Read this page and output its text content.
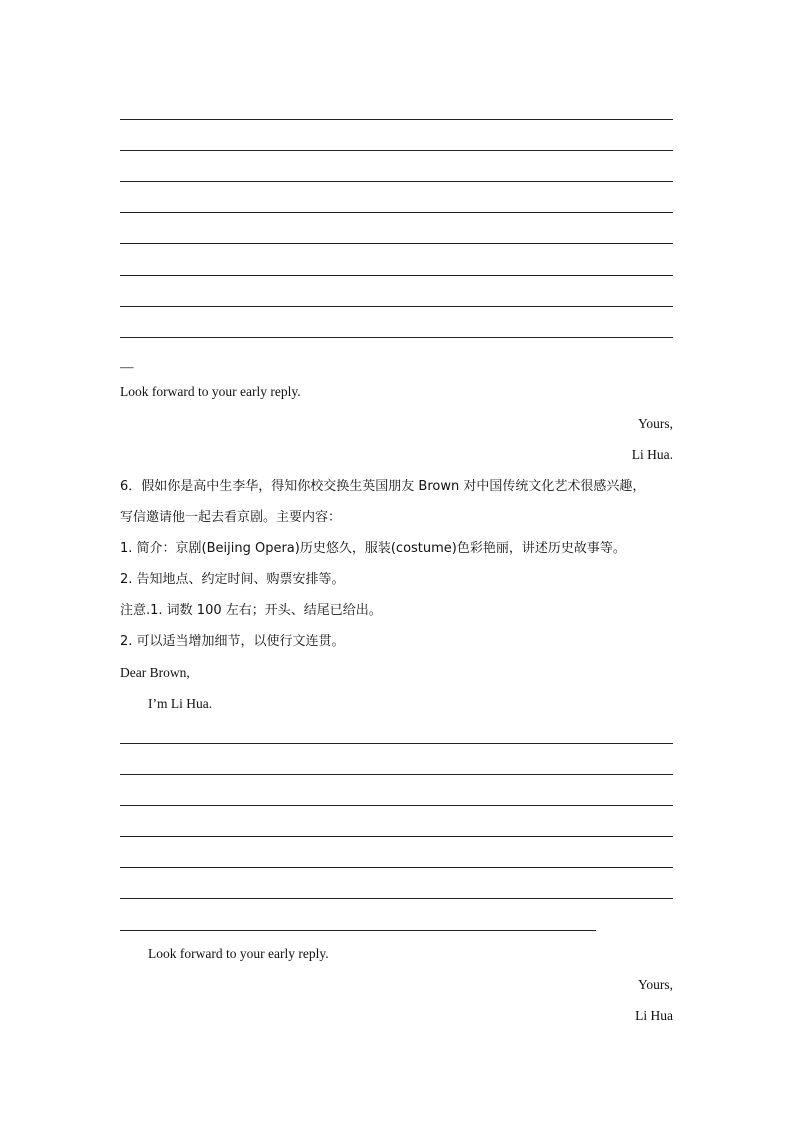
—
Look forward to your early reply.
Yours,
Li Hua.
6．假如你是高中生李华，得知你校交换生英国朋友 Brown 对中国传统文化艺术很感兴趣，
写信邀请他一起去看京剧。主要内容：
1. 简介：京剧(Beijing Opera)历史悠久，服装(costume)色彩艳丽，讲述历史故事等。
2. 告知地点、约定时间、购票安排等。
注意.1. 词数 100 左右；开头、结尾已给出。
2. 可以适当增加细节，以使行文连贯。
Dear Brown,
I’m Li Hua.
Look forward to your early reply.
Yours,
Li Hua
